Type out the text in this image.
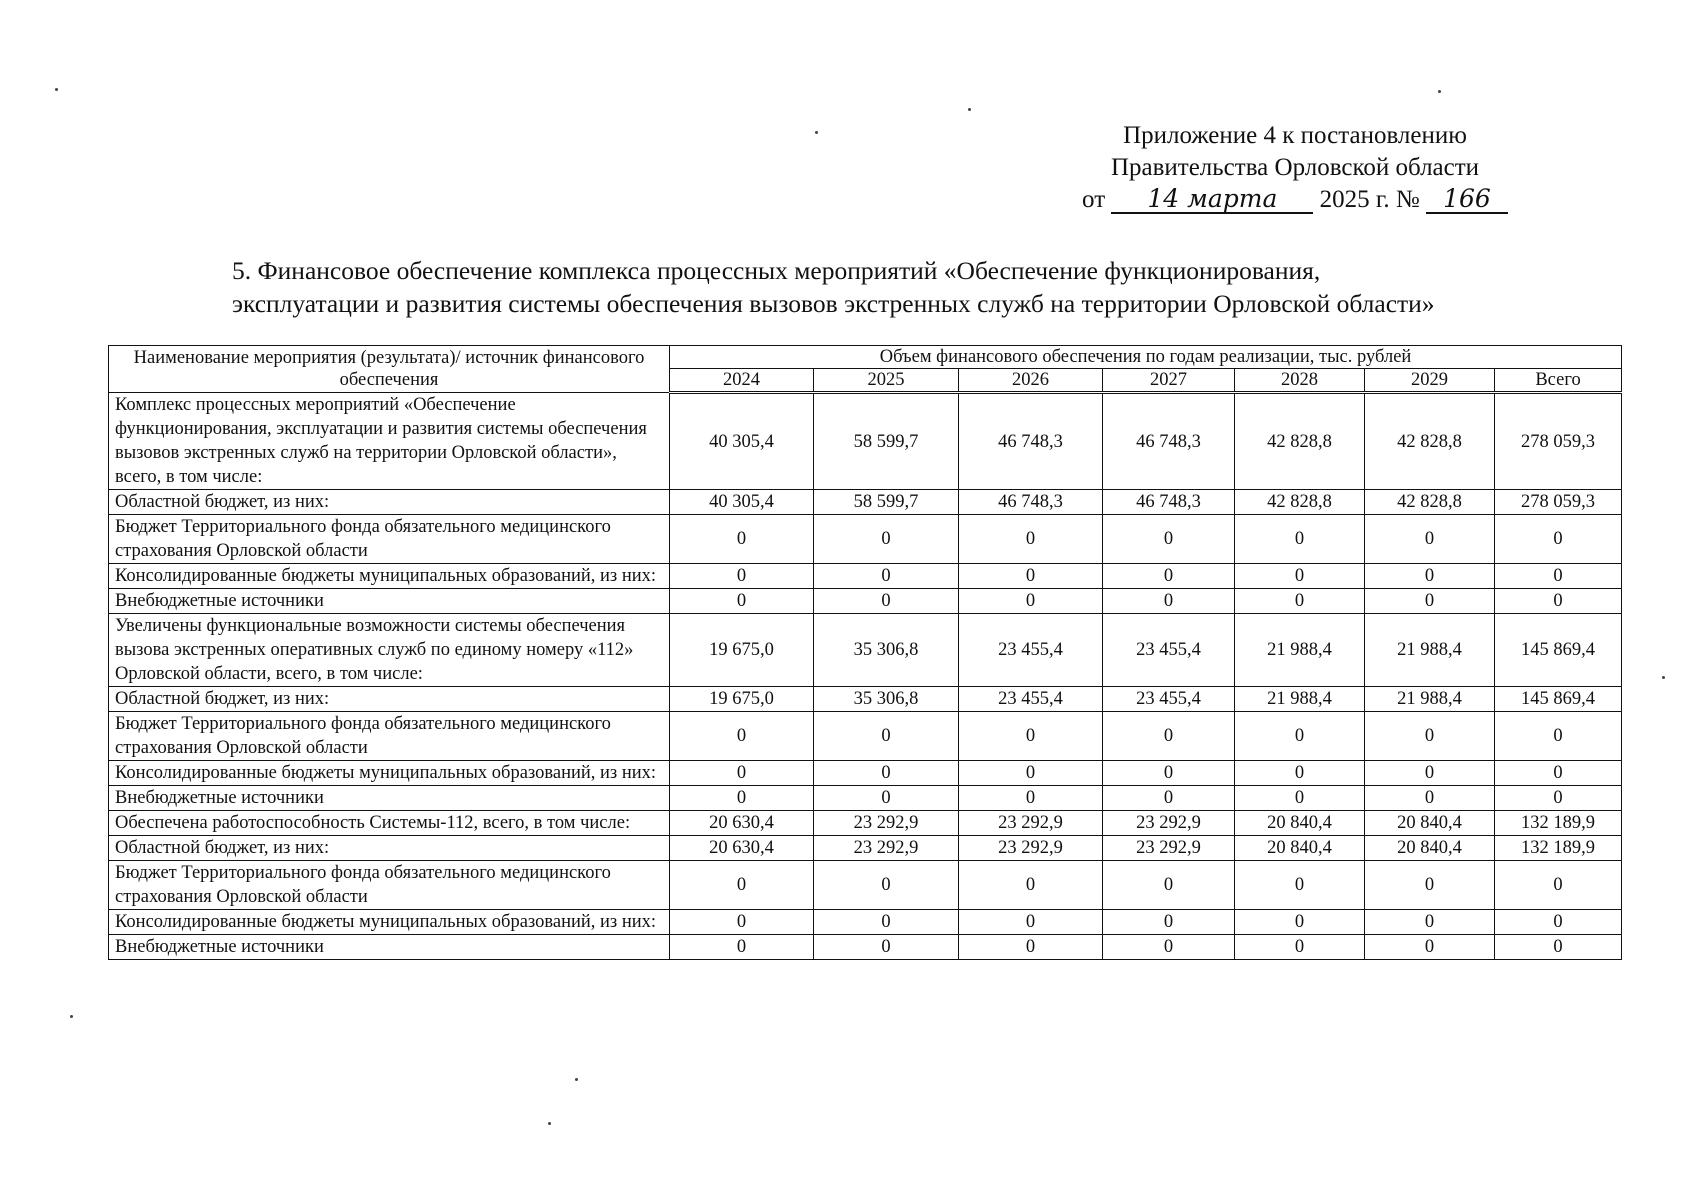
Приложение 4 к постановлению
Правительства Орловской области
от 14 марта 2025 г. № 166
5. Финансовое обеспечение комплекса процессных мероприятий «Обеспечение функционирования,
эксплуатации и развития системы обеспечения вызовов экстренных служб на территории Орловской области»
Наименование мероприятия (результата)/ источник финансового обеспечения	Объем финансового обеспечения по годам реализации, тыс. рублей						
	2024	2025	2026	2027	2028	2029	Всего
Комплекс процессных мероприятий «Обеспечение функционирования, эксплуатации и развития системы обеспечения вызовов экстренных служб на территории Орловской области», всего, в том числе:	40 305,4	58 599,7	46 748,3	46 748,3	42 828,8	42 828,8	278 059,3
Областной бюджет, из них:	40 305,4	58 599,7	46 748,3	46 748,3	42 828,8	42 828,8	278 059,3
Бюджет Территориального фонда обязательного медицинского страхования Орловской области	0	0	0	0	0	0	0
Консолидированные бюджеты муниципальных образований, из них:	0	0	0	0	0	0	0
Внебюджетные источники	0	0	0	0	0	0	0
Увеличены функциональные возможности системы обеспечения вызова экстренных оперативных служб по единому номеру «112» Орловской области, всего, в том числе:	19 675,0	35 306,8	23 455,4	23 455,4	21 988,4	21 988,4	145 869,4
Областной бюджет, из них:	19 675,0	35 306,8	23 455,4	23 455,4	21 988,4	21 988,4	145 869,4
Бюджет Территориального фонда обязательного медицинского страхования Орловской области	0	0	0	0	0	0	0
Консолидированные бюджеты муниципальных образований, из них:	0	0	0	0	0	0	0
Внебюджетные источники	0	0	0	0	0	0	0
Обеспечена работоспособность Системы-112, всего, в том числе:	20 630,4	23 292,9	23 292,9	23 292,9	20 840,4	20 840,4	132 189,9
Областной бюджет, из них:	20 630,4	23 292,9	23 292,9	23 292,9	20 840,4	20 840,4	132 189,9
Бюджет Территориального фонда обязательного медицинского страхования Орловской области	0	0	0	0	0	0	0
Консолидированные бюджеты муниципальных образований, из них:	0	0	0	0	0	0	0
Внебюджетные источники	0	0	0	0	0	0	0
